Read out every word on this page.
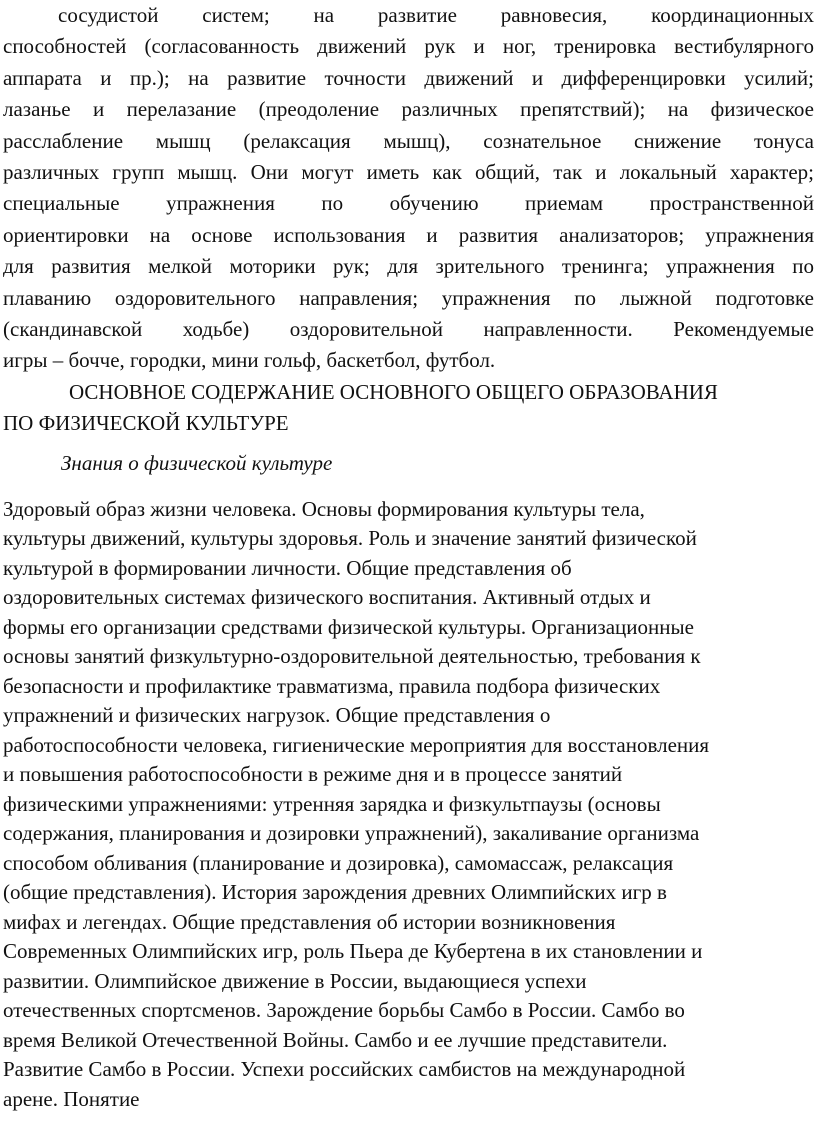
сосудистой систем; на развитие равновесия, координационных
способностей (согласованность движений рук и ног, тренировка вестибулярного
аппарата и пр.); на развитие точности движений и дифференцировки усилий;
лазанье и перелазание (преодоление различных препятствий); на физическое
расслабление мышц (релаксация мышц), сознательное снижение тонуса
различных групп мышц. Они могут иметь как общий, так и локальный характер;
специальные упражнения по обучению приемам пространственной
ориентировки на основе использования и развития анализаторов; упражнения
для развития мелкой моторики рук; для зрительного тренинга; упражнения по
плаванию оздоровительного направления; упражнения по лыжной подготовке
(скандинавской ходьбе) оздоровительной направленности. Рекомендуемые
игры – бочче, городки, мини гольф, баскетбол, футбол.
ОСНОВНОЕ СОДЕРЖАНИЕ ОСНОВНОГО ОБЩЕГО ОБРАЗОВАНИЯ
ПО ФИЗИЧЕСКОЙ КУЛЬТУРЕ
Знания о физической культуре
Здоровый образ жизни человека. Основы формирования культуры тела,
культуры движений, культуры здоровья. Роль и значение занятий физической
культурой в формировании личности. Общие представления об
оздоровительных системах физического воспитания. Активный отдых и
формы его организации средствами физической культуры. Организационные
основы занятий физкультурно-оздоровительной деятельностью, требования к
безопасности и профилактике травматизма, правила подбора физических
упражнений и физических нагрузок. Общие представления о
работоспособности человека, гигиенические мероприятия для восстановления
и повышения работоспособности в режиме дня и в процессе занятий
физическими упражнениями: утренняя зарядка и физкультпаузы (основы
содержания, планирования и дозировки упражнений), закаливание организма
способом обливания (планирование и дозировка), самомассаж, релаксация
(общие представления). История зарождения древних Олимпийских игр в
мифах и легендах. Общие представления об истории возникновения
Современных Олимпийских игр, роль Пьера де Кубертена в их становлении и
развитии. Олимпийское движение в России, выдающиеся успехи
отечественных спортсменов. Зарождение борьбы Самбо в России. Самбо во
время Великой Отечественной Войны. Самбо и ее лучшие представители.
Развитие Самбо в России. Успехи российских самбистов на международной
арене. Понятие
